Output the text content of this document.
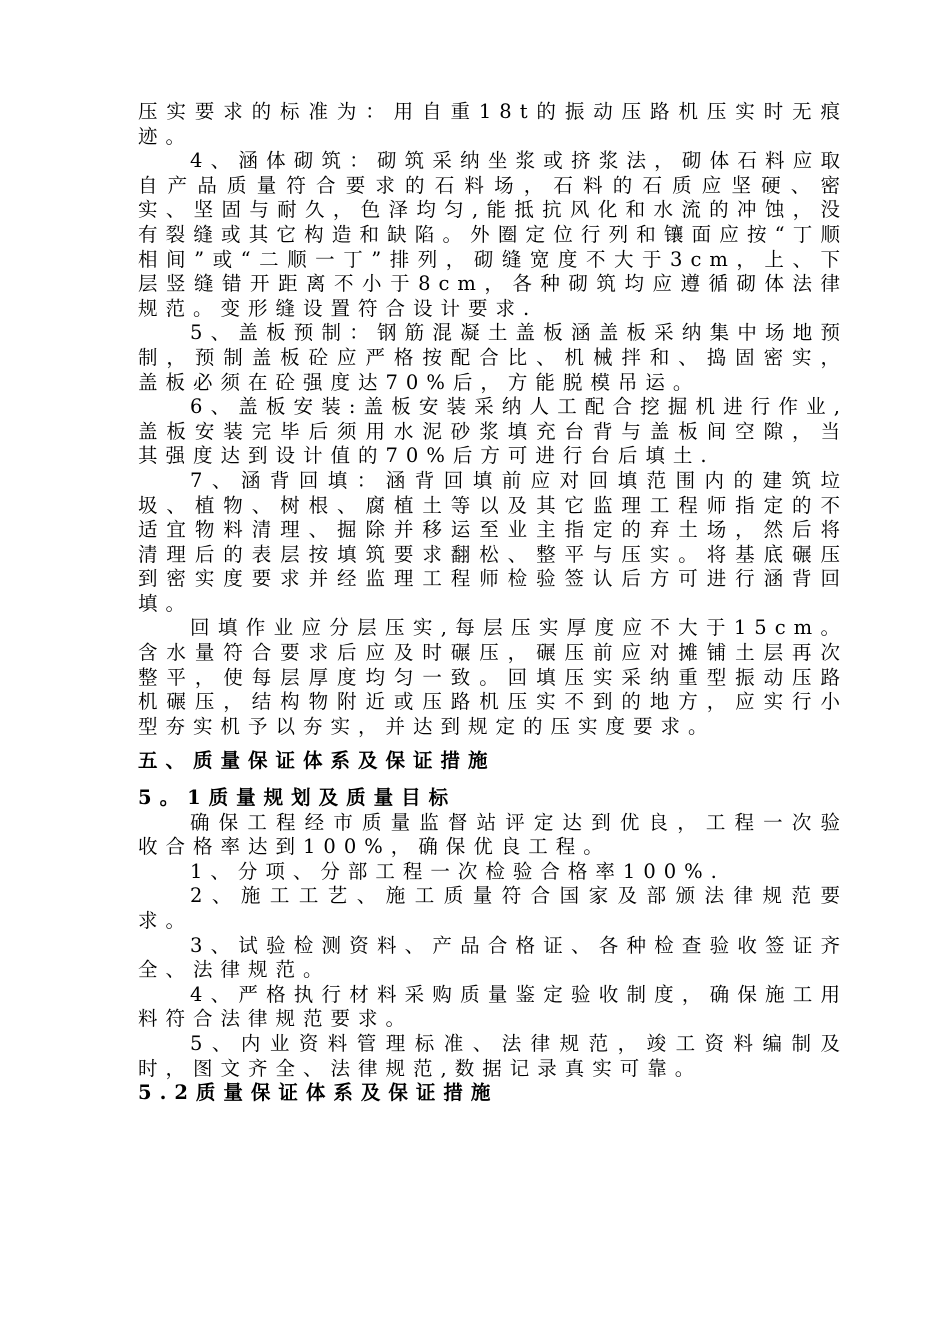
压实要求的标准为：用自重18t的振动压路机压实时无痕迹。

4、涵体砌筑：砌筑采纳坐浆或挤浆法，砌体石料应取自产品质量符合要求的石料场，石料的石质应坚硬、密实、坚固与耐久，色泽均匀,能抵抗风化和水流的冲蚀，没有裂缝或其它构造和缺陷。外圈定位行列和镶面应按“丁顺相间”或“二顺一丁”排列，砌缝宽度不大于3cm，上、下层竖缝错开距离不小于8cm，各种砌筑均应遵循砌体法律规范。变形缝设置符合设计要求.

5、盖板预制：钢筋混凝土盖板涵盖板采纳集中场地预制，预制盖板砼应严格按配合比、机械拌和、捣固密实，盖板必须在砼强度达70%后，方能脱模吊运。

6、盖板安装:盖板安装采纳人工配合挖掘机进行作业,盖板安装完毕后须用水泥砂浆填充台背与盖板间空隙，当其强度达到设计值的70%后方可进行台后填土.

7、涵背回填：涵背回填前应对回填范围内的建筑垃圾、植物、树根、腐植土等以及其它监理工程师指定的不适宜物料清理、掘除并移运至业主指定的弃土场，然后将清理后的表层按填筑要求翻松、整平与压实。将基底碾压到密实度要求并经监理工程师检验签认后方可进行涵背回填。

回填作业应分层压实,每层压实厚度应不大于15cm。含水量符合要求后应及时碾压，碾压前应对摊铺土层再次整平，使每层厚度均匀一致。回填压实采纳重型振动压路机碾压，结构物附近或压路机压实不到的地方，应实行小型夯实机予以夯实，并达到规定的压实度要求。

五、质量保证体系及保证措施
5。1质量规划及质量目标

确保工程经市质量监督站评定达到优良，工程一次验收合格率达到100%，确保优良工程。

1、分项、分部工程一次检验合格率100%.

2、施工工艺、施工质量符合国家及部颁法律规范要求。

3、试验检测资料、产品合格证、各种检查验收签证齐全、法律规范。

4、严格执行材料采购质量鉴定验收制度，确保施工用料符合法律规范要求。

5、内业资料管理标准、法律规范，竣工资料编制及时，图文齐全、法律规范,数据记录真实可靠。

5.2质量保证体系及保证措施
